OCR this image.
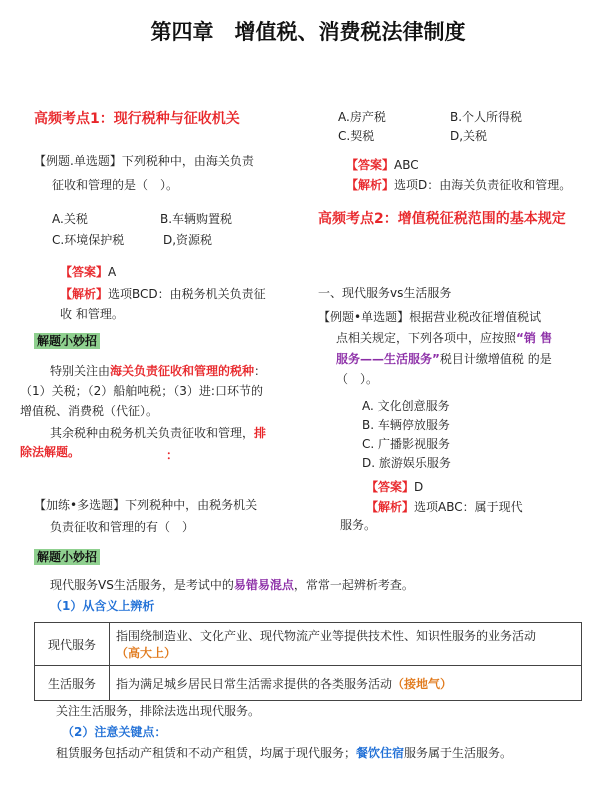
第四章　增值税、消费税法律制度
高频考点1：现行税种与征收机关
【例题.单选题】下列税种中，由海关负责
征收和管理的是（　）。
A.关税	B.车辆购置税
C.环境保护税	D,资源税
【答案】A
【解析】选项BCD：由税务机关负责征
收 和管理。
解题小妙招
特别关注由海关负责征收和管理的税种：
（1）关税；（2）船舶吨税；（3）进:口环节的
增值税、消费税（代征）。
其余税种由税务机关负责征收和管理，排
除法解题。	：
【加练•多选题】下列税种中，由税务机关
负责征收和管理的有（　）
A.房产税	B.个人所得税
C.契税	D,关税
【答案】ABC
【解析】选项D：由海关负责征收和管理。
高频考点2：增值税征税范围的基本规定
一、现代服务vs生活服务
【例题•单选题】根据营业税改征增值税试
点相关规定，下列各项中，应按照“销 售
服务——生活服务”税目计缴增值税 的是
（　）。
A. 文化创意服务
B. 车辆停放服务
C. 广播影视服务
D. 旅游娱乐服务
【答案】D
【解析】选项ABC：属于现代
服务。
解题小妙招
现代服务VS生活服务，是考试中的易错易混点，常常一起辨析考查。
（1）从含义上辨析
现代服务	指围绕制造业、文化产业、现代物流产业等提供技术性、知识性服务的业务活动
（高大上）
生活服务	指为满足城乡居民日常生活需求提供的各类服务活动（接地气）
关注生活服务，排除法选出现代服务。
（2）注意关键点：
租赁服务包括动产租赁和不动产租赁，均属于现代服务；餐饮住宿服务属于生活服务。
